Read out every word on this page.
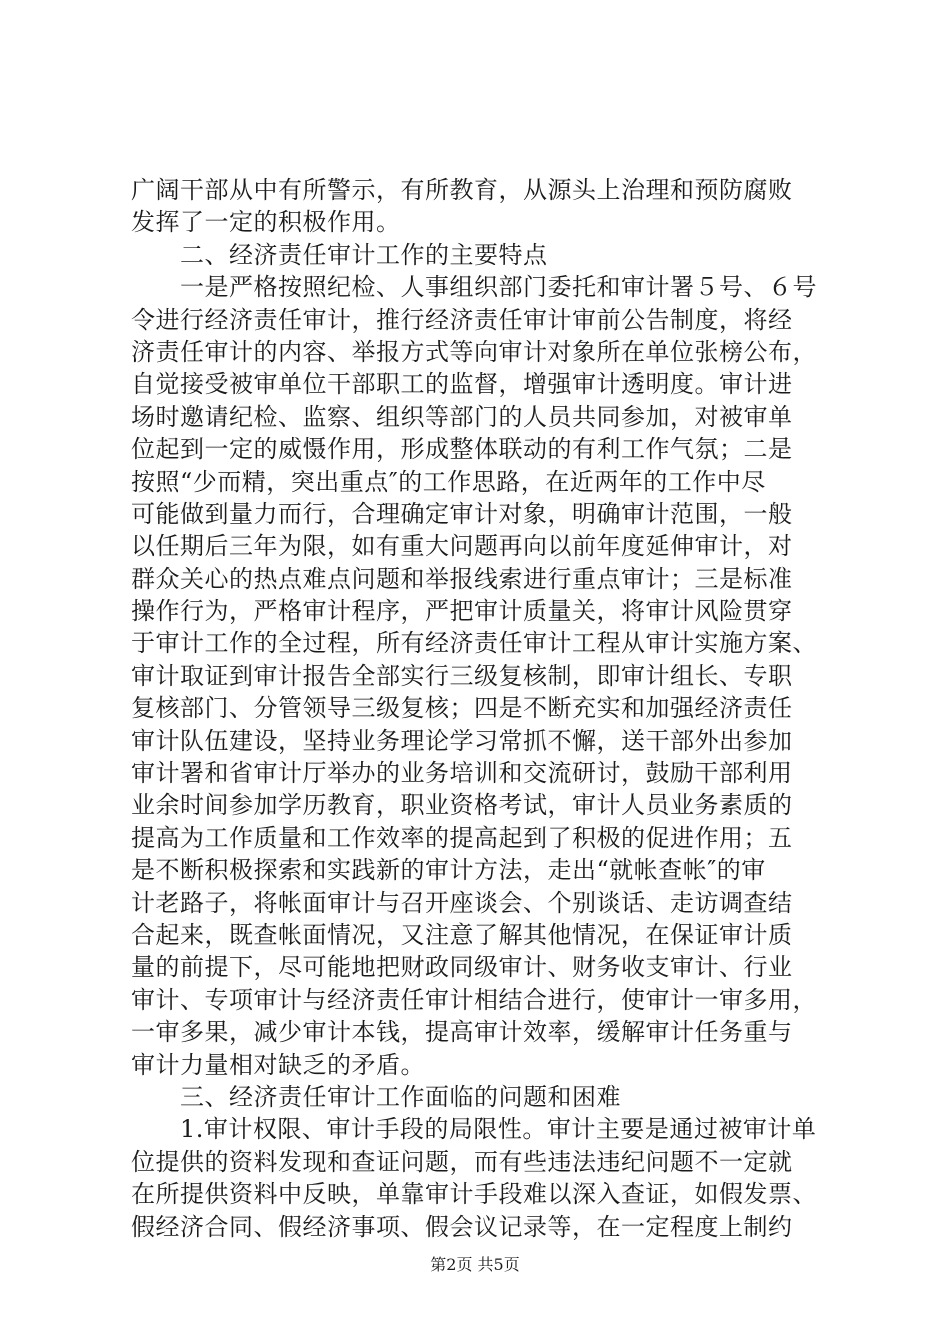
广阔干部从中有所警示，有所教育，从源头上治理和预防腐败
发挥了一定的积极作用。
　　二、经济责任审计工作的主要特点
　　一是严格按照纪检、人事组织部门委托和审计署５号、６号
令进行经济责任审计，推行经济责任审计审前公告制度，将经
济责任审计的内容、举报方式等向审计对象所在单位张榜公布，
自觉接受被审单位干部职工的监督，增强审计透明度。审计进
场时邀请纪检、监察、组织等部门的人员共同参加，对被审单
位起到一定的威慑作用，形成整体联动的有利工作气氛；二是
按照“少而精，突出重点″的工作思路，在近两年的工作中尽
可能做到量力而行，合理确定审计对象，明确审计范围，一般
以任期后三年为限，如有重大问题再向以前年度延伸审计，对
群众关心的热点难点问题和举报线索进行重点审计；三是标准
操作行为，严格审计程序，严把审计质量关，将审计风险贯穿
于审计工作的全过程，所有经济责任审计工程从审计实施方案、
审计取证到审计报告全部实行三级复核制，即审计组长、专职
复核部门、分管领导三级复核；四是不断充实和加强经济责任
审计队伍建设，坚持业务理论学习常抓不懈，送干部外出参加
审计署和省审计厅举办的业务培训和交流研讨，鼓励干部利用
业余时间参加学历教育，职业资格考试，审计人员业务素质的
提高为工作质量和工作效率的提高起到了积极的促进作用；五
是不断积极探索和实践新的审计方法，走出“就帐查帐″的审
计老路子，将帐面审计与召开座谈会、个别谈话、走访调查结
合起来，既查帐面情况，又注意了解其他情况，在保证审计质
量的前提下，尽可能地把财政同级审计、财务收支审计、行业
审计、专项审计与经济责任审计相结合进行，使审计一审多用，
一审多果，减少审计本钱，提高审计效率，缓解审计任务重与
审计力量相对缺乏的矛盾。
　　三、经济责任审计工作面临的问题和困难
　　1.审计权限、审计手段的局限性。审计主要是通过被审计单
位提供的资料发现和查证问题，而有些违法违纪问题不一定就
在所提供资料中反映，单靠审计手段难以深入查证，如假发票、
假经济合同、假经济事项、假会议记录等，在一定程度上制约
第2页 共5页
